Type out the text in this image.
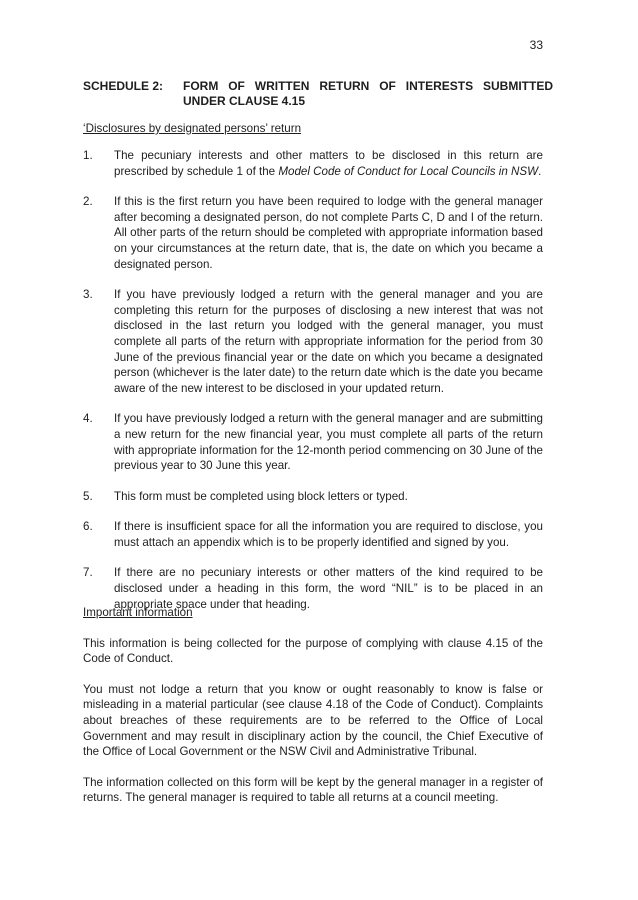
33
SCHEDULE 2:	FORM OF WRITTEN RETURN OF INTERESTS SUBMITTED UNDER CLAUSE 4.15

‘Disclosures by designated persons’ return

1.	The pecuniary interests and other matters to be disclosed in this return are prescribed by schedule 1 of the Model Code of Conduct for Local Councils in NSW.
2.	If this is the first return you have been required to lodge with the general manager after becoming a designated person, do not complete Parts C, D and I of the return. All other parts of the return should be completed with appropriate information based on your circumstances at the return date, that is, the date on which you became a designated person.
3.	If you have previously lodged a return with the general manager and you are completing this return for the purposes of disclosing a new interest that was not disclosed in the last return you lodged with the general manager, you must complete all parts of the return with appropriate information for the period from 30 June of the previous financial year or the date on which you became a designated person (whichever is the later date) to the return date which is the date you became aware of the new interest to be disclosed in your updated return.
4.	If you have previously lodged a return with the general manager and are submitting a new return for the new financial year, you must complete all parts of the return with appropriate information for the 12-month period commencing on 30 June of the previous year to 30 June this year.
5.	This form must be completed using block letters or typed.
6.	If there is insufficient space for all the information you are required to disclose, you must attach an appendix which is to be properly identified and signed by you.
7.	If there are no pecuniary interests or other matters of the kind required to be disclosed under a heading in this form, the word “NIL” is to be placed in an appropriate space under that heading.

Important information

This information is being collected for the purpose of complying with clause 4.15 of the Code of Conduct.

You must not lodge a return that you know or ought reasonably to know is false or misleading in a material particular (see clause 4.18 of the Code of Conduct). Complaints about breaches of these requirements are to be referred to the Office of Local Government and may result in disciplinary action by the council, the Chief Executive of the Office of Local Government or the NSW Civil and Administrative Tribunal.

The information collected on this form will be kept by the general manager in a register of returns. The general manager is required to table all returns at a council meeting.
